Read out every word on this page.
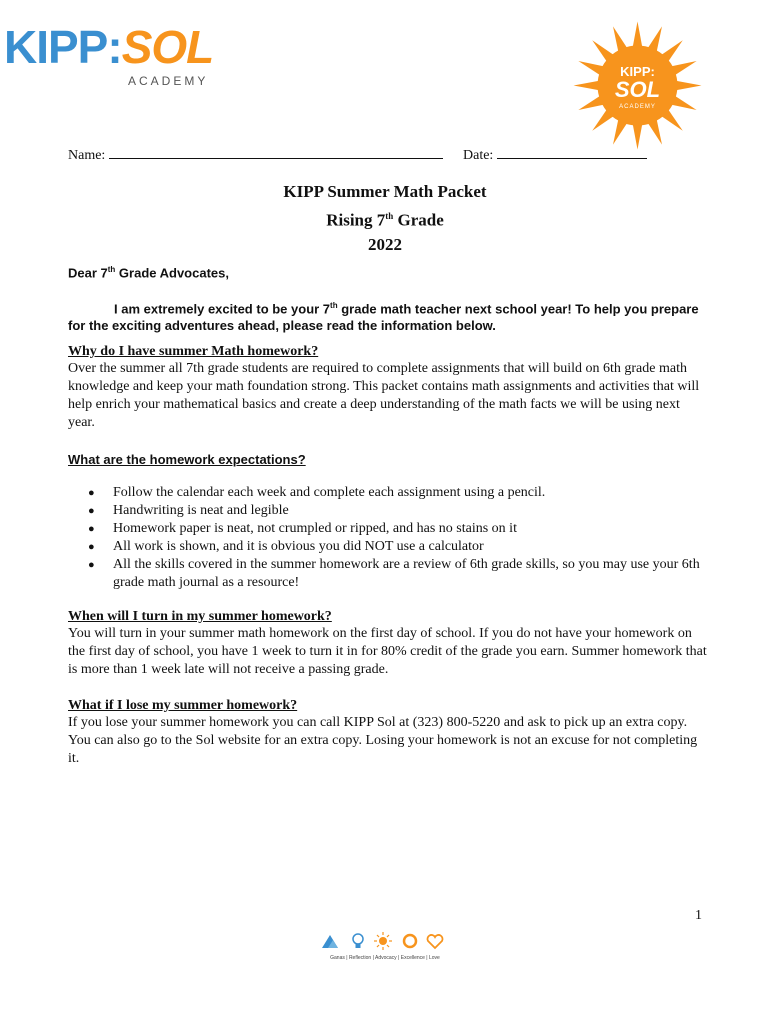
KIPP:SOL
ACADEMY
KIPP:
SOL
ACADEMY
Name:	Date:
KIPP Summer Math Packet
Rising 7th Grade
2022
Dear 7th Grade Advocates,
I am extremely excited to be your 7th grade math teacher next school year! To help you prepare for the exciting adventures ahead, please read the information below.
Why do I have summer Math homework?
Over the summer all 7th grade students are required to complete assignments that will build on 6th grade math knowledge and keep your math foundation strong. This packet contains math assignments and activities that will help enrich your mathematical basics and create a deep understanding of the math facts we will be using next year.
What are the homework expectations?
● Follow the calendar each week and complete each assignment using a pencil.
● Handwriting is neat and legible
● Homework paper is neat, not crumpled or ripped, and has no stains on it
● All work is shown, and it is obvious you did NOT use a calculator
● All the skills covered in the summer homework are a review of 6th grade skills, so you may use your 6th grade math journal as a resource!
When will I turn in my summer homework?
You will turn in your summer math homework on the first day of school. If you do not have your homework on the first day of school, you have 1 week to turn it in for 80% credit of the grade you earn. Summer homework that is more than 1 week late will not receive a passing grade.
What if I lose my summer homework?
If you lose your summer homework you can call KIPP Sol at (323) 800-5220 and ask to pick up an extra copy. You can also go to the Sol website for an extra copy. Losing your homework is not an excuse for not completing it.
1
Ganas | Reflection | Advocacy | Excellence | Love
